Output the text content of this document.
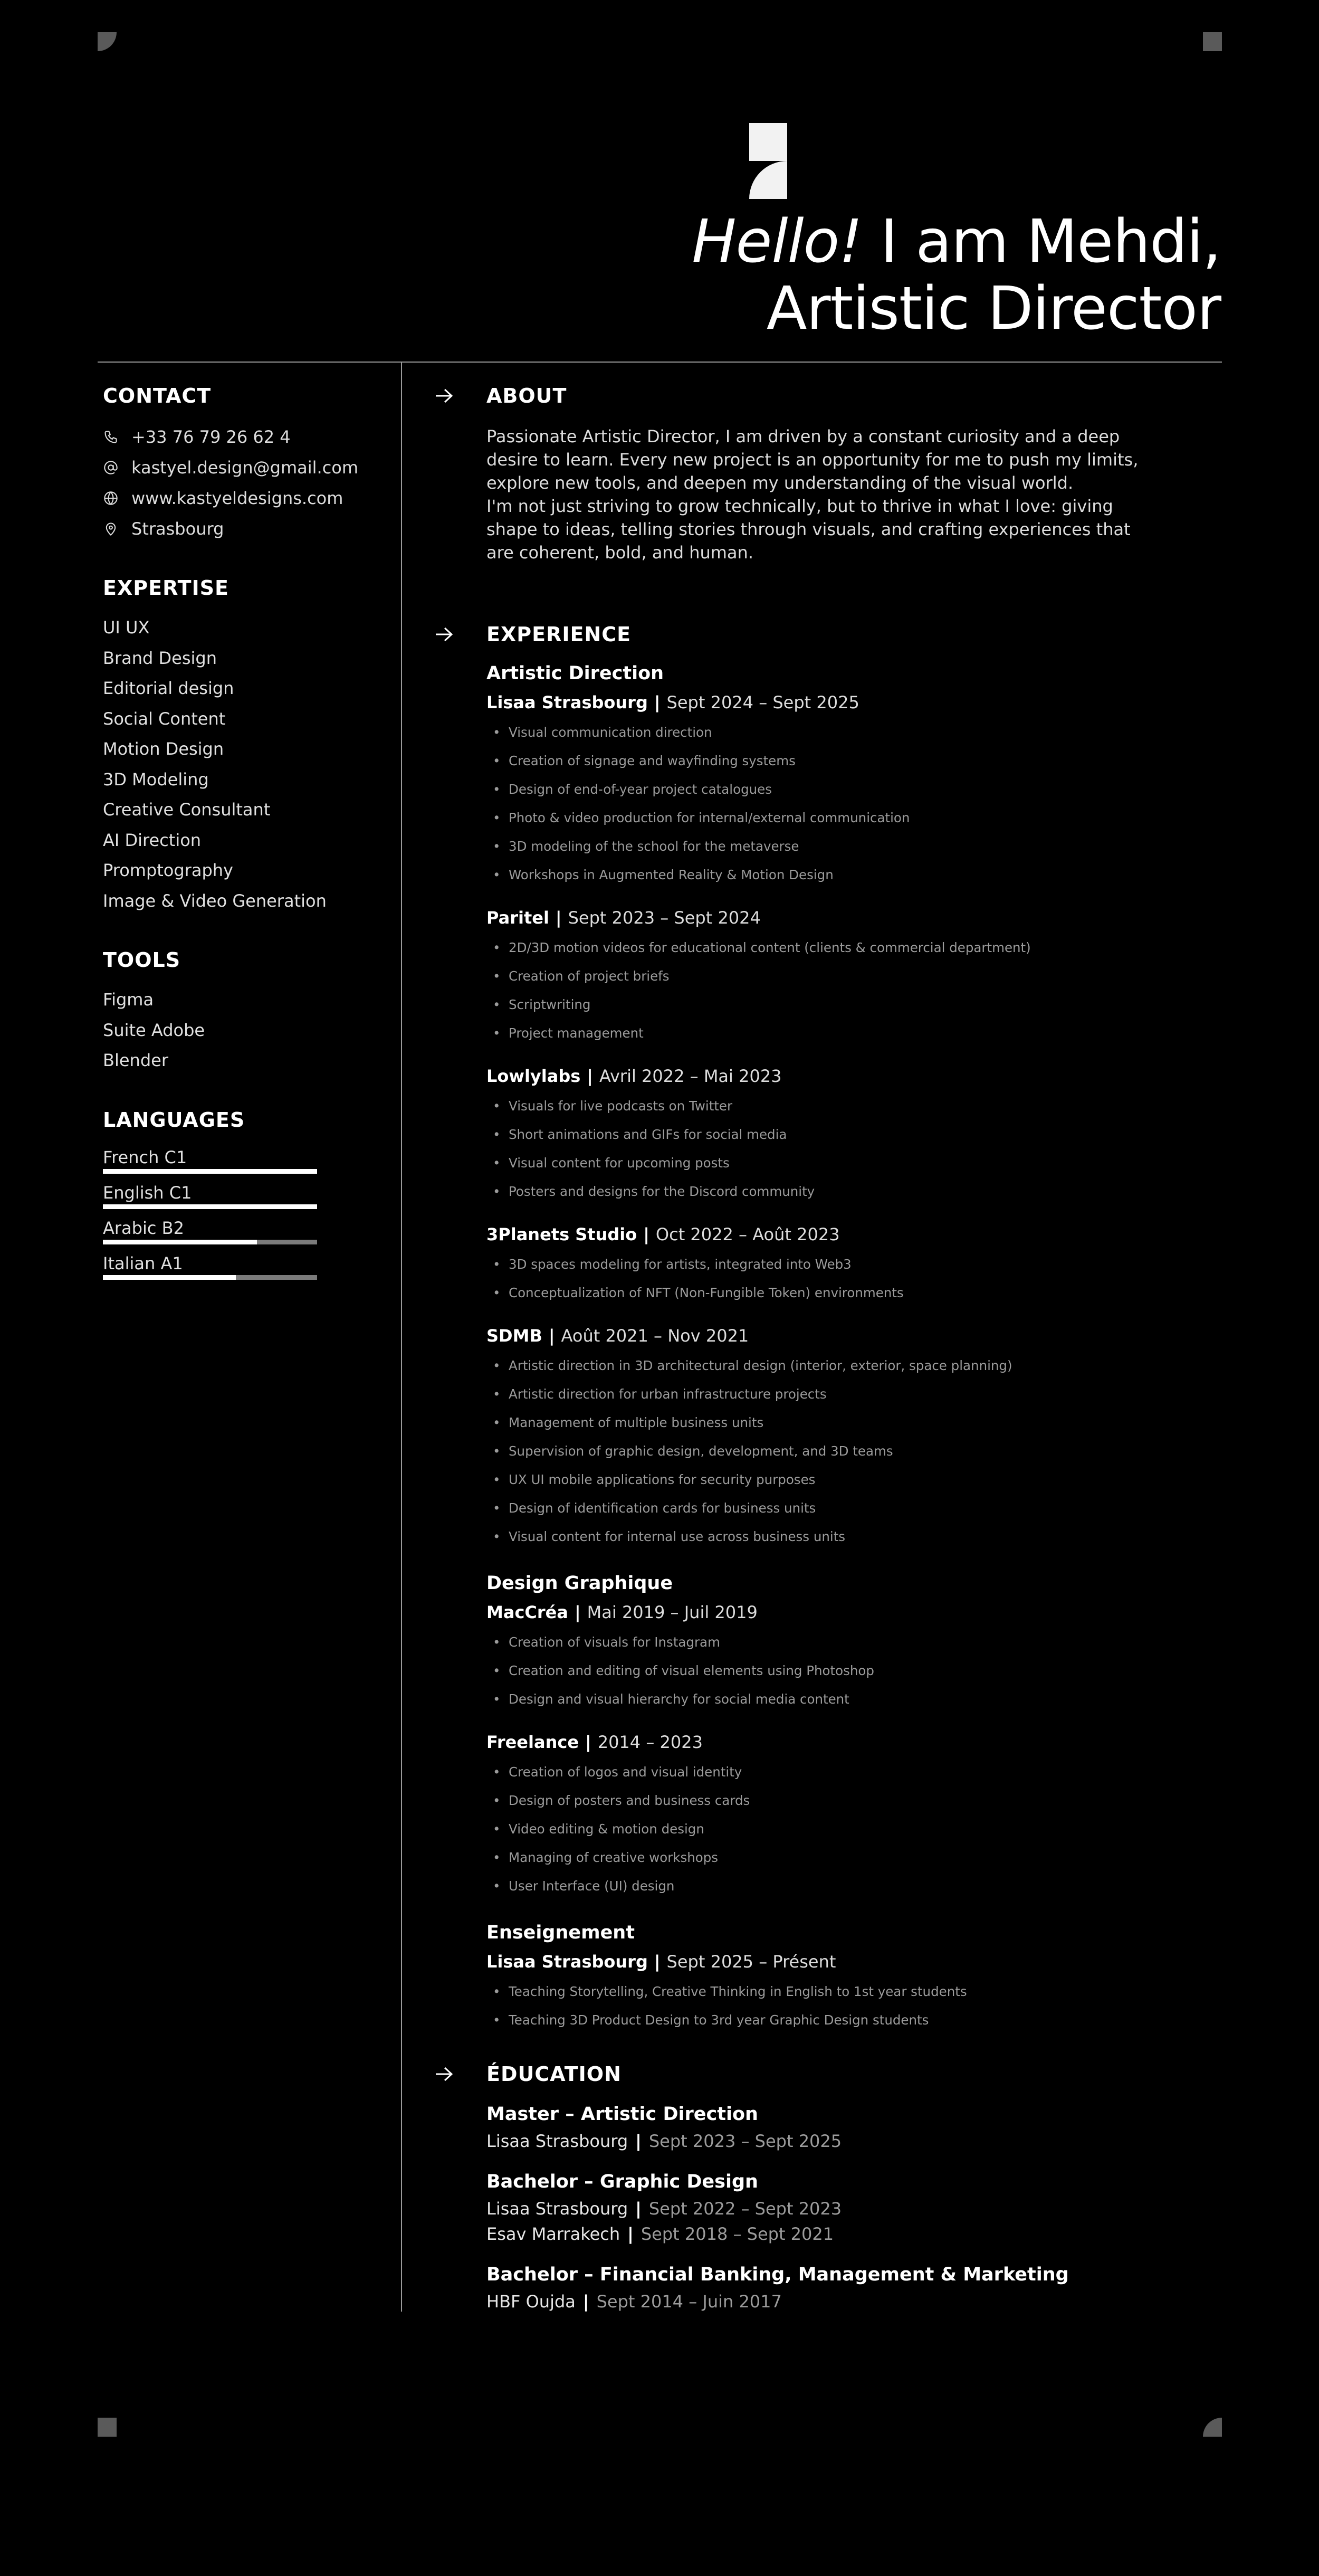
Hello! I am Mehdi,
Artistic Director
CONTACT
+33 76 79 26 62 4
kastyel.design@gmail.com
www.kastyeldesigns.com
Strasbourg
EXPERTISE
UI UX
Brand Design
Editorial design
Social Content
Motion Design
3D Modeling
Creative Consultant
AI Direction
Promptography
Image & Video Generation
TOOLS
Figma
Suite Adobe
Blender
LANGUAGES
French C1
English C1
Arabic B2
Italian A1
ABOUT

Passionate Artistic Director, I am driven by a constant curiosity and a deep desire to learn. Every new project is an opportunity for me to push my limits, explore new tools, and deepen my understanding of the visual world.

I'm not just striving to grow technically, but to thrive in what I love: giving shape to ideas, telling stories through visuals, and crafting experiences that are coherent, bold, and human.

EXPERIENCE
Artistic Direction
Lisaa Strasbourg | Sept 2024 – Sept 2025
• Visual communication direction
• Creation of signage and wayfinding systems
• Design of end-of-year project catalogues
• Photo & video production for internal/external communication
• 3D modeling of the school for the metaverse
• Workshops in Augmented Reality & Motion Design
Paritel | Sept 2023 – Sept 2024
• 2D/3D motion videos for educational content (clients & commercial department)
• Creation of project briefs
• Scriptwriting
• Project management
Lowlylabs | Avril 2022 – Mai 2023
• Visuals for live podcasts on Twitter
• Short animations and GIFs for social media
• Visual content for upcoming posts
• Posters and designs for the Discord community
3Planets Studio | Oct 2022 – Août 2023
• 3D spaces modeling for artists, integrated into Web3
• Conceptualization of NFT (Non-Fungible Token) environments
SDMB | Août 2021 – Nov 2021
• Artistic direction in 3D architectural design (interior, exterior, space planning)
• Artistic direction for urban infrastructure projects
• Management of multiple business units
• Supervision of graphic design, development, and 3D teams
• UX UI mobile applications for security purposes
• Design of identification cards for business units
• Visual content for internal use across business units
Design Graphique
MacCréa | Mai 2019 – Juil 2019
• Creation of visuals for Instagram
• Creation and editing of visual elements using Photoshop
• Design and visual hierarchy for social media content
Freelance | 2014 – 2023
• Creation of logos and visual identity
• Design of posters and business cards
• Video editing & motion design
• Managing of creative workshops
• User Interface (UI) design
Enseignement
Lisaa Strasbourg | Sept 2025 – Présent
• Teaching Storytelling, Creative Thinking in English to 1st year students
• Teaching 3D Product Design to 3rd year Graphic Design students
ÉDUCATION
Master – Artistic Direction
Lisaa Strasbourg | Sept 2023 – Sept 2025
Bachelor – Graphic Design
Lisaa Strasbourg | Sept 2022 – Sept 2023
Esav Marrakech | Sept 2018 – Sept 2021
Bachelor – Financial Banking, Management & Marketing
HBF Oujda | Sept 2014 – Juin 2017
